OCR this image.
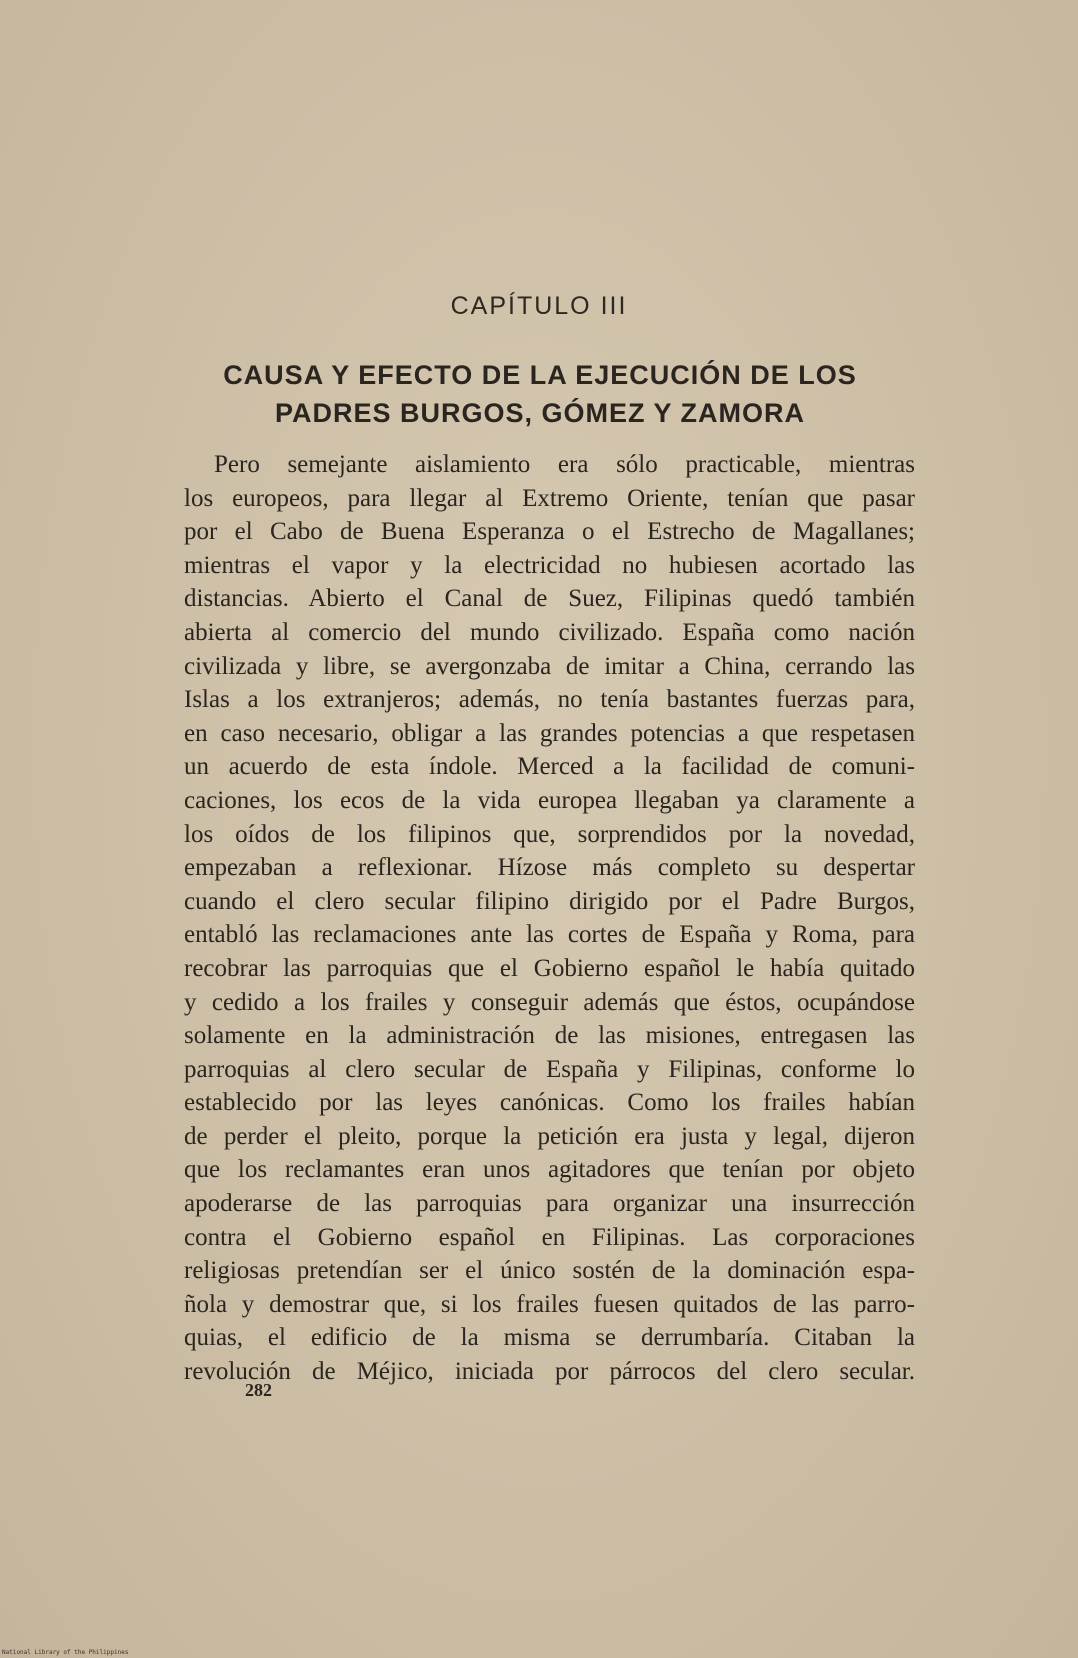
CAPÍTULO III
CAUSA Y EFECTO DE LA EJECUCIÓN DE LOS
PADRES BURGOS, GÓMEZ Y ZAMORA
Pero semejante aislamiento era sólo practicable, mientras
los europeos, para llegar al Extremo Oriente, tenían que pasar
por el Cabo de Buena Esperanza o el Estrecho de Magallanes;
mientras el vapor y la electricidad no hubiesen acortado las
distancias. Abierto el Canal de Suez, Filipinas quedó también
abierta al comercio del mundo civilizado. España como nación
civilizada y libre, se avergonzaba de imitar a China, cerrando las
Islas a los extranjeros; además, no tenía bastantes fuerzas para,
en caso necesario, obligar a las grandes potencias a que respetasen
un acuerdo de esta índole. Merced a la facilidad de comuni-
caciones, los ecos de la vida europea llegaban ya claramente a
los oídos de los filipinos que, sorprendidos por la novedad,
empezaban a reflexionar. Hízose más completo su despertar
cuando el clero secular filipino dirigido por el Padre Burgos,
entabló las reclamaciones ante las cortes de España y Roma, para
recobrar las parroquias que el Gobierno español le había quitado
y cedido a los frailes y conseguir además que éstos, ocupándose
solamente en la administración de las misiones, entregasen las
parroquias al clero secular de España y Filipinas, conforme lo
establecido por las leyes canónicas. Como los frailes habían
de perder el pleito, porque la petición era justa y legal, dijeron
que los reclamantes eran unos agitadores que tenían por objeto
apoderarse de las parroquias para organizar una insurrección
contra el Gobierno español en Filipinas. Las corporaciones
religiosas pretendían ser el único sostén de la dominación espa-
ñola y demostrar que, si los frailes fuesen quitados de las parro-
quias, el edificio de la misma se derrumbaría. Citaban la
revolución de Méjico, iniciada por párrocos del clero secular.
282
National Library of the Philippines
